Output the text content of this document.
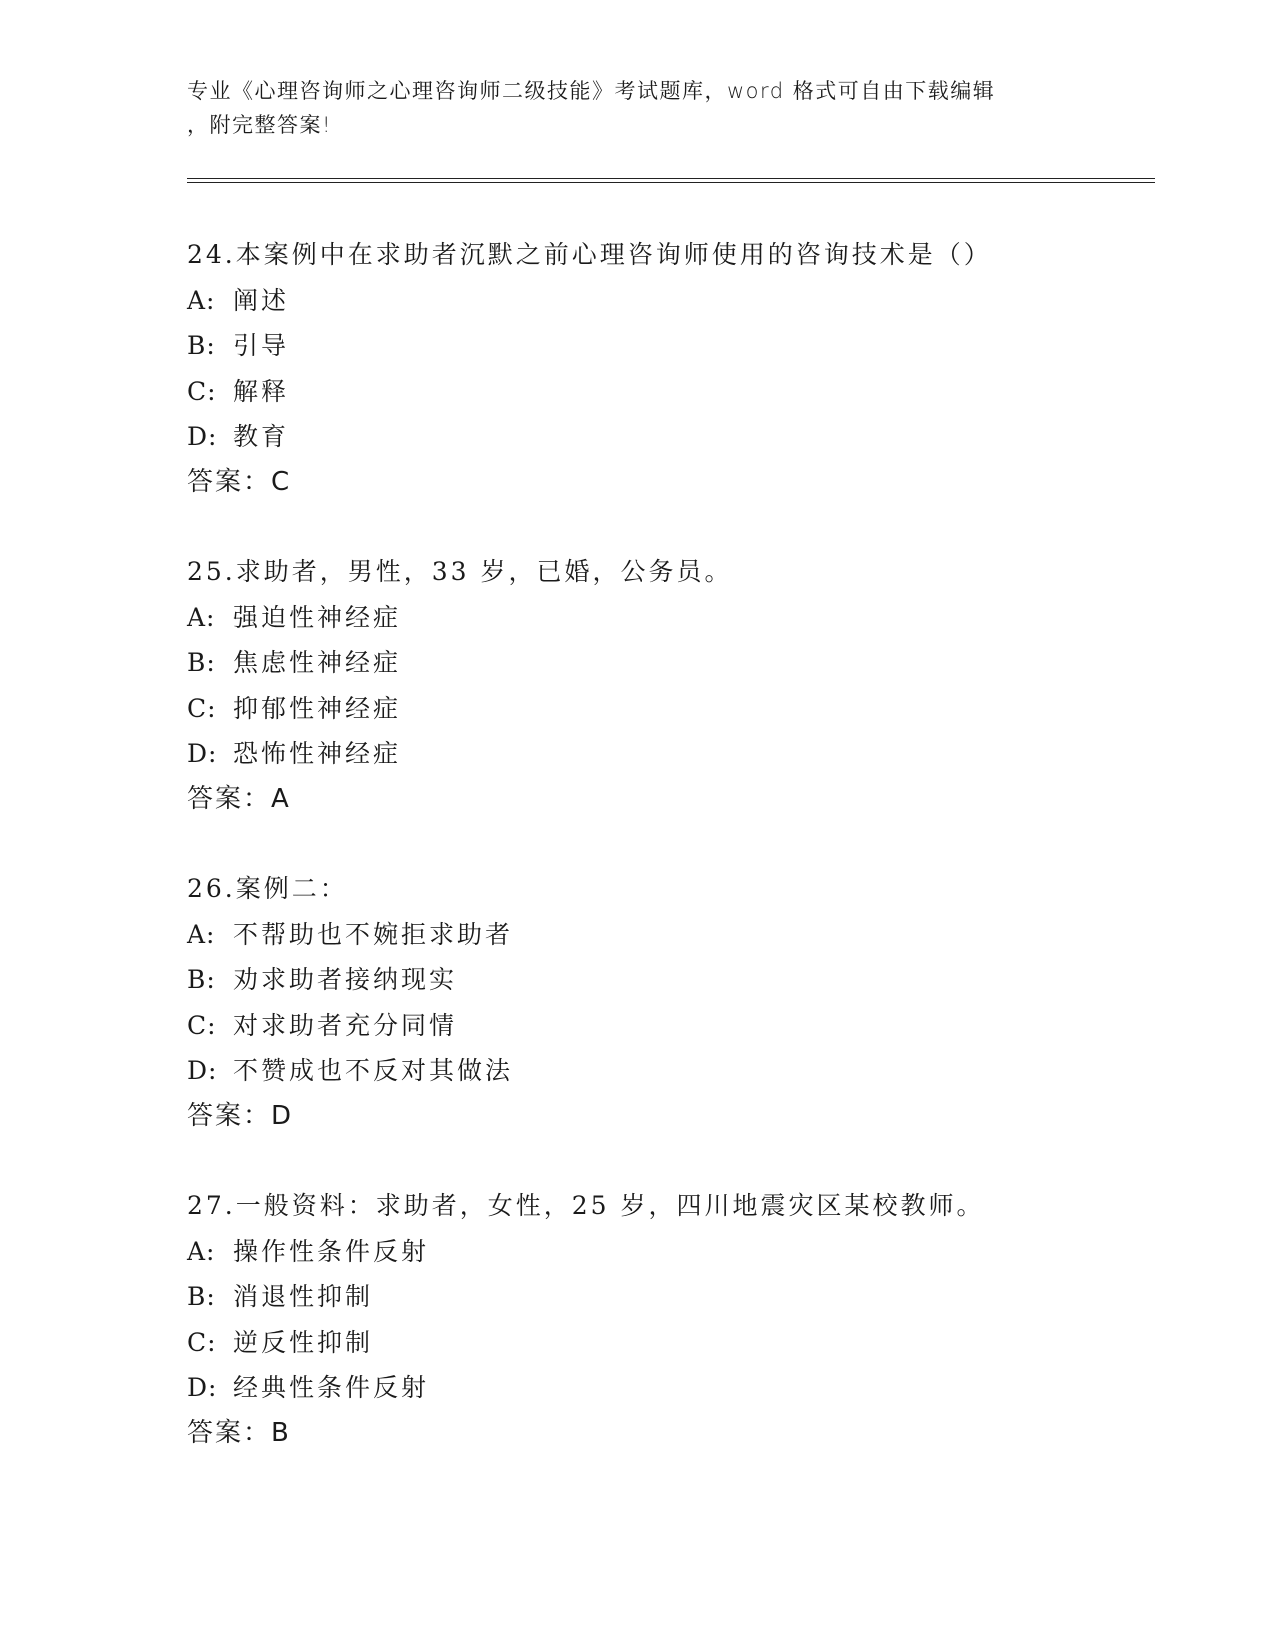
专业《心理咨询师之心理咨询师二级技能》考试题库，word 格式可自由下载编辑
，附完整答案!
24.本案例中在求助者沉默之前心理咨询师使用的咨询技术是（）
A: 阐述
B: 引导
C: 解释
D: 教育
答案：C
25.求助者，男性，33 岁，已婚，公务员。
A: 强迫性神经症
B: 焦虑性神经症
C: 抑郁性神经症
D: 恐怖性神经症
答案：A
26.案例二：
A: 不帮助也不婉拒求助者
B: 劝求助者接纳现实
C: 对求助者充分同情
D: 不赞成也不反对其做法
答案：D
27.一般资料：求助者，女性，25 岁，四川地震灾区某校教师。
A: 操作性条件反射
B: 消退性抑制
C: 逆反性抑制
D: 经典性条件反射
答案：B
